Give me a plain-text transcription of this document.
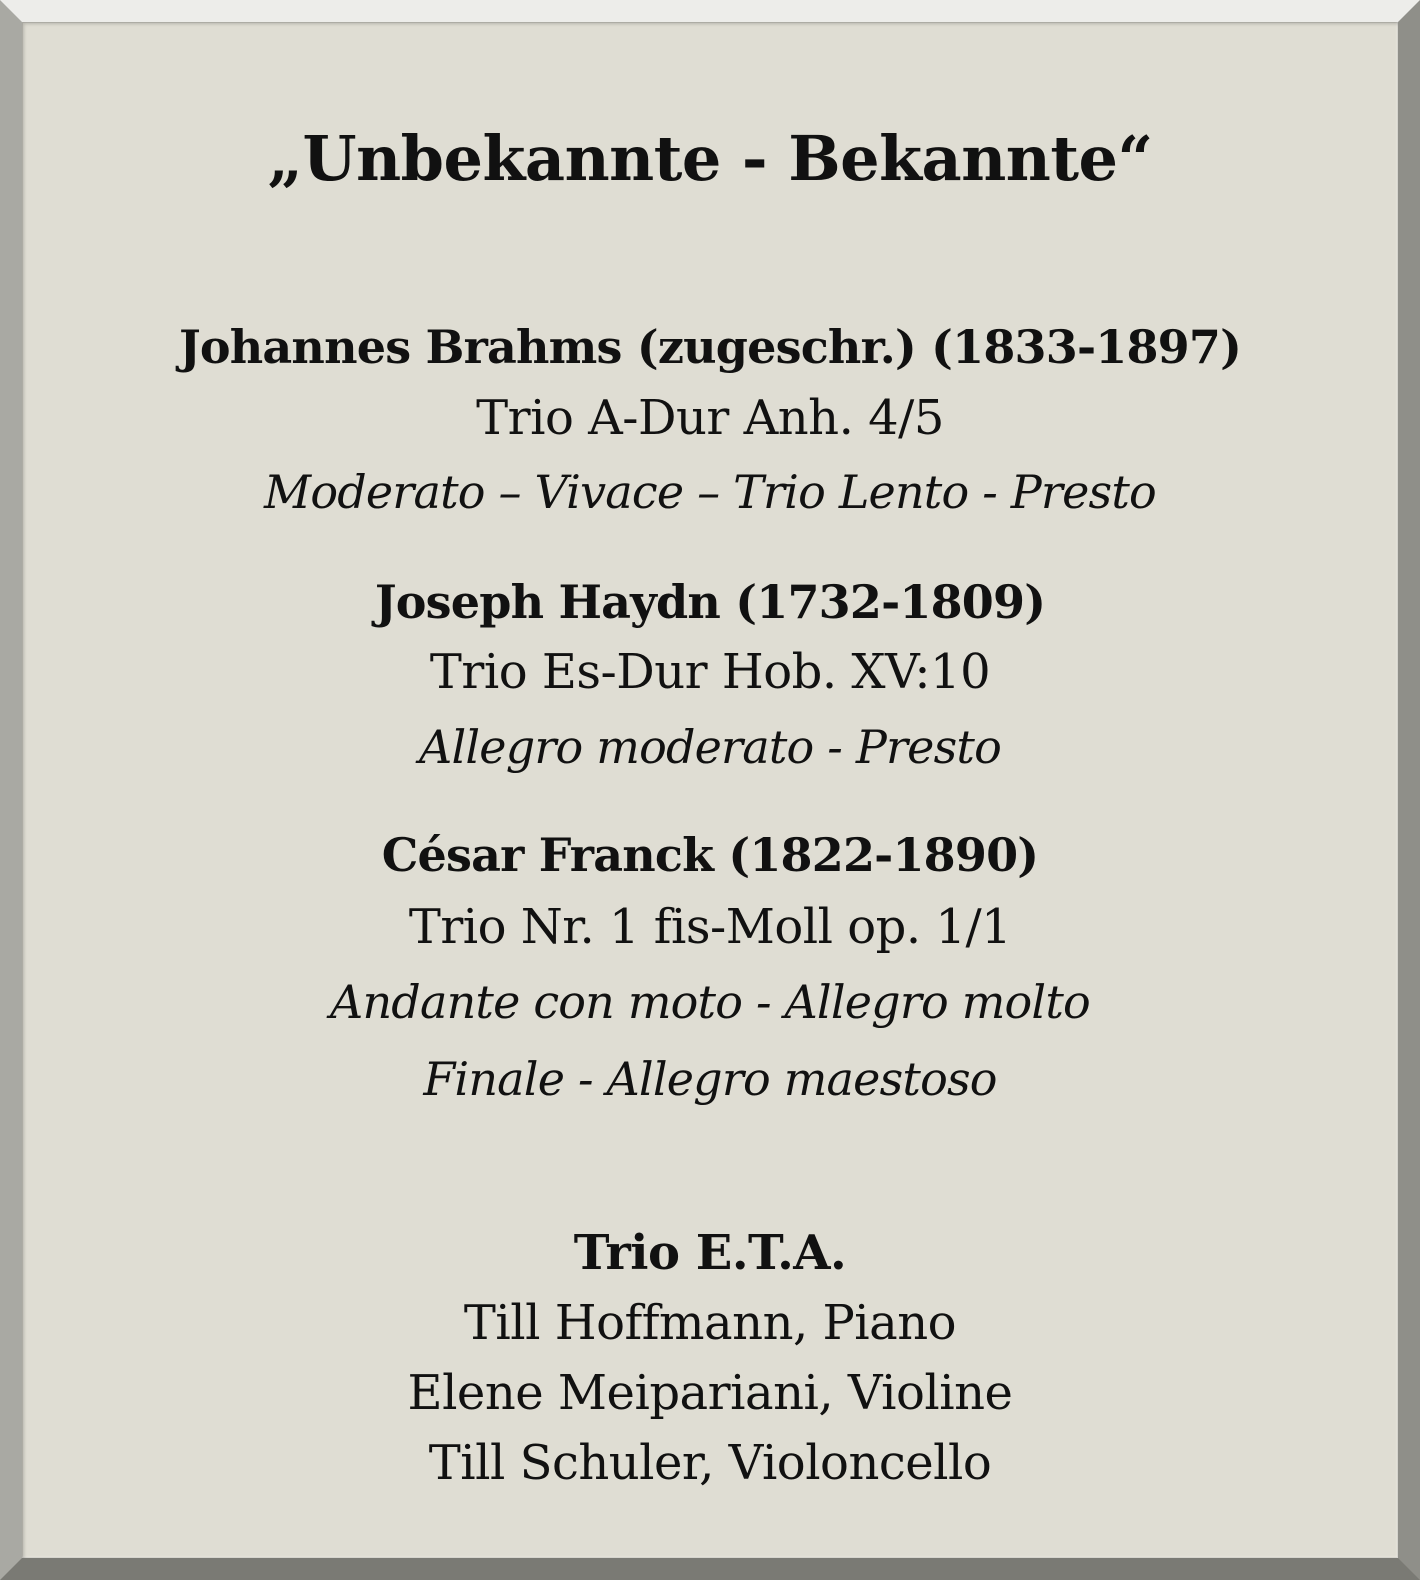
„Unbekannte - Bekannte“
Johannes Brahms (zugeschr.) (1833-1897)
Trio A-Dur Anh. 4/5
Moderato – Vivace – Trio Lento - Presto
Joseph Haydn (1732-1809)
Trio Es-Dur Hob. XV:10
Allegro moderato - Presto
César Franck (1822-1890)
Trio Nr. 1 fis-Moll op. 1/1
Andante con moto - Allegro molto
Finale - Allegro maestoso
Trio E.T.A.
Till Hoffmann, Piano
Elene Meipariani, Violine
Till Schuler, Violoncello
